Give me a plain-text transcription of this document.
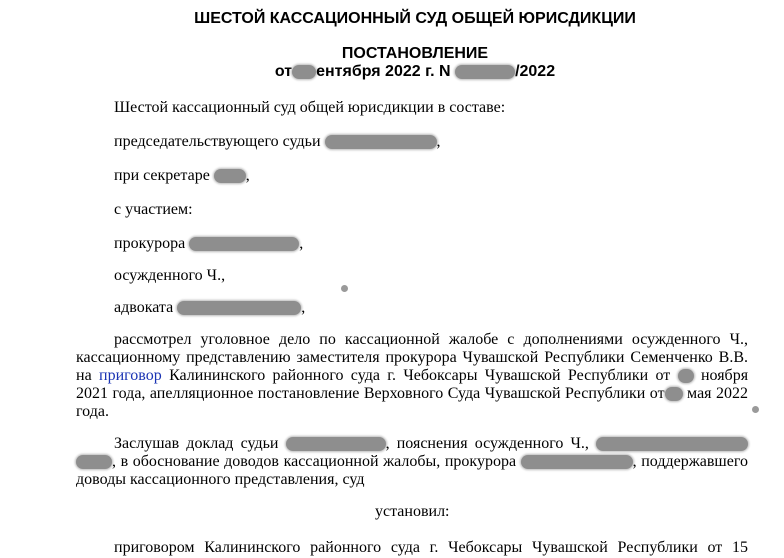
ШЕСТОЙ КАССАЦИОННЫЙ СУД ОБЩЕЙ ЮРИСДИКЦИИ
ПОСТАНОВЛЕНИЕ
от ентября 2022 г. N	/2022
Шестой кассационный суд общей юрисдикции в составе:
председательствующего судьи	,
при секретаре ,
с участием:
прокурора	,
осужденного Ч.,
адвоката	,
рассмотрел уголовное дело по кассационной жалобе с дополнениями осужденного Ч.,
кассационному представлению заместителя прокурора Чувашской Республики Семенченко В.В.
на приговор Калининского районного суда г. Чебоксары Чувашской Республики от ноября
2021 года, апелляционное постановление Верховного Суда Чувашской Республики от мая 2022
года.
Заслушав доклад судьи	, пояснения осужденного Ч.,
, в обоснование доводов кассационной жалобы, прокурора	, поддержавшего
доводы кассационного представления, суд
установил:
приговором Калининского районного суда г. Чебоксары Чувашской Республики от 15
